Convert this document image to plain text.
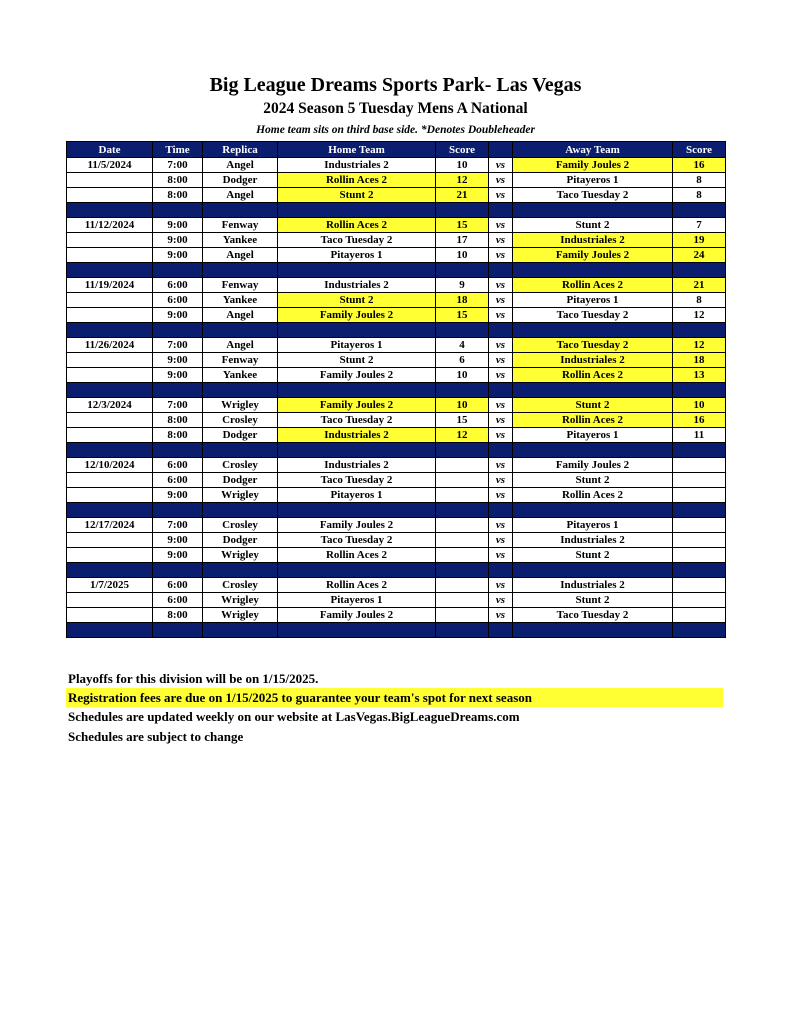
Big League Dreams Sports Park- Las Vegas
2024 Season 5 Tuesday Mens A National
Home team sits on third base side. *Denotes Doubleheader
Date	Time	Replica	Home Team	Score		Away Team	Score
11/5/2024	7:00	Angel	Industriales 2	10	vs	Family Joules 2	16
	8:00	Dodger	Rollin Aces 2	12	vs	Pitayeros 1	8
	8:00	Angel	Stunt 2	21	vs	Taco Tuesday 2	8

11/12/2024	9:00	Fenway	Rollin Aces 2	15	vs	Stunt 2	7
	9:00	Yankee	Taco Tuesday 2	17	vs	Industriales 2	19
	9:00	Angel	Pitayeros 1	10	vs	Family Joules 2	24

11/19/2024	6:00	Fenway	Industriales 2	9	vs	Rollin Aces 2	21
	6:00	Yankee	Stunt 2	18	vs	Pitayeros 1	8
	9:00	Angel	Family Joules 2	15	vs	Taco Tuesday 2	12

11/26/2024	7:00	Angel	Pitayeros 1	4	vs	Taco Tuesday 2	12
	9:00	Fenway	Stunt 2	6	vs	Industriales 2	18
	9:00	Yankee	Family Joules 2	10	vs	Rollin Aces 2	13

12/3/2024	7:00	Wrigley	Family Joules 2	10	vs	Stunt 2	10
	8:00	Crosley	Taco Tuesday 2	15	vs	Rollin Aces 2	16
	8:00	Dodger	Industriales 2	12	vs	Pitayeros 1	11

12/10/2024	6:00	Crosley	Industriales 2		vs	Family Joules 2	
	6:00	Dodger	Taco Tuesday 2		vs	Stunt 2	
	9:00	Wrigley	Pitayeros 1		vs	Rollin Aces 2	

12/17/2024	7:00	Crosley	Family Joules 2		vs	Pitayeros 1	
	9:00	Dodger	Taco Tuesday 2		vs	Industriales 2	
	9:00	Wrigley	Rollin Aces 2		vs	Stunt 2	

1/7/2025	6:00	Crosley	Rollin Aces 2		vs	Industriales 2	
	6:00	Wrigley	Pitayeros 1		vs	Stunt 2	
	8:00	Wrigley	Family Joules 2		vs	Taco Tuesday 2	

Playoffs for this division will be on 1/15/2025.
Registration fees are due on 1/15/2025 to guarantee your team's spot for next season
Schedules are updated weekly on our website at LasVegas.BigLeagueDreams.com
Schedules are subject to change
